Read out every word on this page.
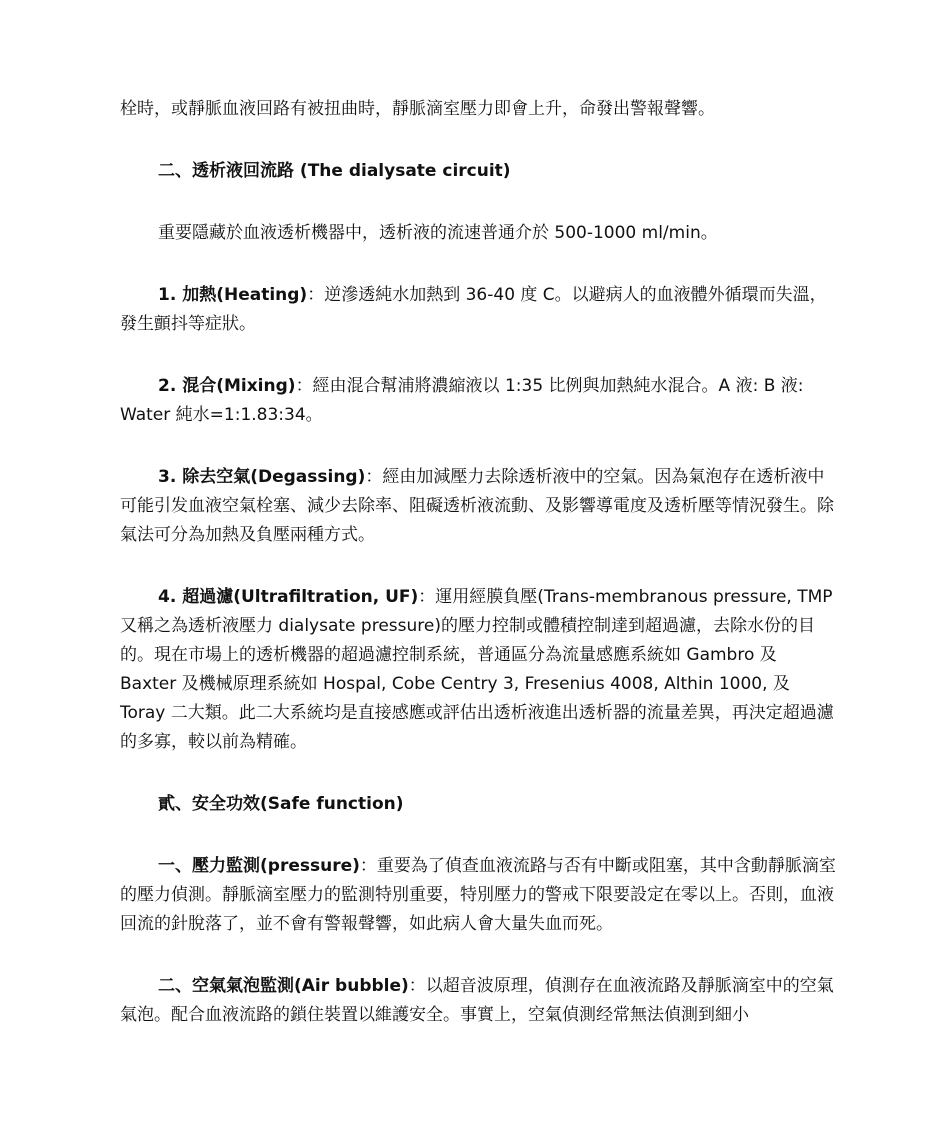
栓時，或靜脈血液回路有被扭曲時，靜脈滴室壓力即會上升，命發出警報聲響。

二、透析液回流路 (The dialysate circuit)

重要隱藏於血液透析機器中，透析液的流速普通介於 500-1000 ml/min。

1. 加熱(Heating)：逆滲透純水加熱到 36-40 度 C。以避病人的血液體外循環而失溫，發生顫抖等症狀。

2. 混合(Mixing)：經由混合幫浦將濃縮液以 1:35 比例與加熱純水混合。A 液: B 液: Water 純水=1:1.83:34。

3. 除去空氣(Degassing)：經由加減壓力去除透析液中的空氣。因為氣泡存在透析液中可能引发血液空氣栓塞、減少去除率、阻礙透析液流動、及影響導電度及透析壓等情況發生。除氣法可分為加熱及負壓兩種方式。

4. 超過濾(Ultrafiltration, UF)：運用經膜負壓(Trans-membranous pressure, TMP 又稱之為透析液壓力 dialysate pressure)的壓力控制或體積控制達到超過濾，去除水份的目的。現在市場上的透析機器的超過濾控制系統，普通區分為流量感應系統如 Gambro 及 Baxter 及機械原理系統如 Hospal, Cobe Centry 3, Fresenius 4008, Althin 1000, 及 Toray 二大類。此二大系統均是直接感應或評估出透析液進出透析器的流量差異，再決定超過濾的多寡，較以前為精確。

貳、安全功效(Safe function)

一、壓力監測(pressure)：重要為了偵查血液流路与否有中斷或阻塞，其中含動靜脈滴室的壓力偵測。靜脈滴室壓力的監測特別重要，特別壓力的警戒下限要設定在零以上。否則，血液回流的針脫落了，並不會有警報聲響，如此病人會大量失血而死。

二、空氣氣泡監測(Air bubble)：以超音波原理，偵測存在血液流路及靜脈滴室中的空氣氣泡。配合血液流路的鎖住裝置以維護安全。事實上，空氣偵測经常無法偵測到細小
